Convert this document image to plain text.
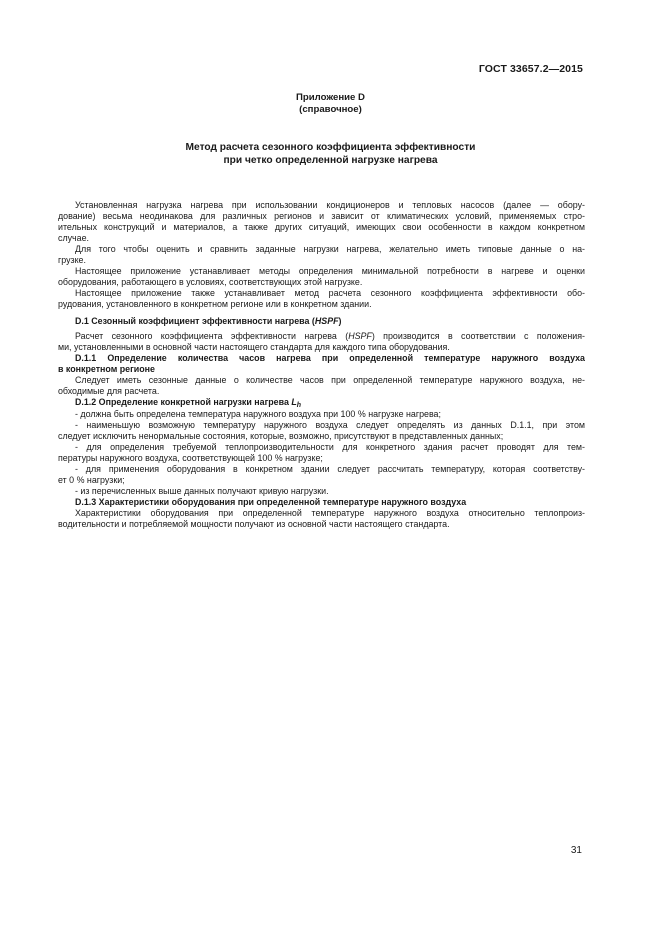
ГОСТ 33657.2—2015
Приложение D
(справочное)
Метод расчета сезонного коэффициента эффективности
при четко определенной нагрузке нагрева

Установленная нагрузка нагрева при использовании кондиционеров и тепловых насосов (далее — обору-
дование) весьма неодинакова для различных регионов и зависит от климатических условий, применяемых стро-
ительных конструкций и материалов, а также других ситуаций, имеющих свои особенности в каждом конкретном
случае.

Для того чтобы оценить и сравнить заданные нагрузки нагрева, желательно иметь типовые данные о на-
грузке.

Настоящее приложение устанавливает методы определения минимальной потребности в нагреве и оценки
оборудования, работающего в условиях, соответствующих этой нагрузке.

Настоящее приложение также устанавливает метод расчета сезонного коэффициента эффективности обо-
рудования, установленного в конкретном регионе или в конкретном здании.

D.1 Сезонный коэффициент эффективности нагрева (HSPF)

Расчет сезонного коэффициента эффективности нагрева (HSPF) производится в соответствии с положения-
ми, установленными в основной части настоящего стандарта для каждого типа оборудования.

D.1.1 Определение количества часов нагрева при определенной температуре наружного воздуха
в конкретном регионе

Следует иметь сезонные данные о количестве часов при определенной температуре наружного воздуха, не-
обходимые для расчета.

D.1.2 Определение конкретной нагрузки нагрева $L_h$

- должна быть определена температура наружного воздуха при 100 % нагрузке нагрева;
- наименьшую возможную температуру наружного воздуха следует определять из данных D.1.1, при этом
следует исключить ненормальные состояния, которые, возможно, присутствуют в представленных данных;
- для определения требуемой теплопроизводительности для конкретного здания расчет проводят для тем-
пературы наружного воздуха, соответствующей 100 % нагрузке;
- для применения оборудования в конкретном здании следует рассчитать температуру, которая соответству-
ет 0 % нагрузки;
- из перечисленных выше данных получают кривую нагрузки.

D.1.3 Характеристики оборудования при определенной температуре наружного воздуха

Характеристики оборудования при определенной температуре наружного воздуха относительно теплопроиз-
водительности и потребляемой мощности получают из основной части настоящего стандарта.

31
